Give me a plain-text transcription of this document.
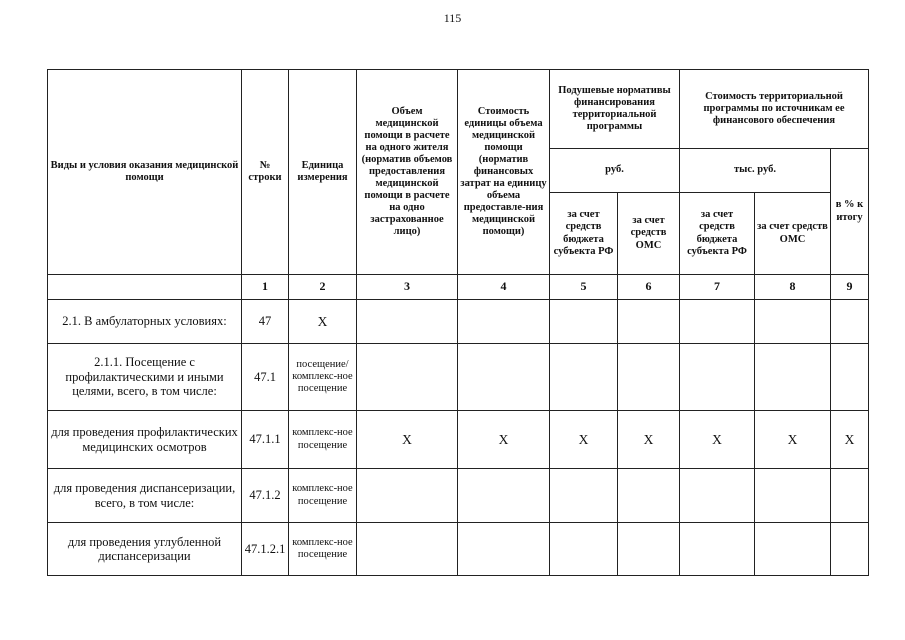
115
Виды и условия оказания медицинской помощи	№ строки	Единица измерения	Объем медицинской помощи в расчете на одного жителя (норматив объемов предоставления медицинской помощи в расчете на одно застрахованное лицо)	Стоимость единицы объема медицинской помощи (норматив финансовых затрат на единицу объема предоставле-ния медицинской помощи)	Подушевые нормативы финансирования территориальной программы		Стоимость территориальной программы по источникам ее финансового обеспечения		
					руб.		тыс. руб.		в % к итогу
					за счет средств бюджета субъекта РФ	за счет средств ОМС	за счет средств бюджета субъекта РФ	за счет средств ОМС	
	1	2	3	4	5	6	7	8	9
2.1. В амбулаторных условиях:	47	Х							
2.1.1. Посещение с профилактическими и иными целями, всего, в том числе:	47.1	посещение/ комплекс-ное посещение							
для проведения профилактических медицинских осмотров	47.1.1	комплекс-ное посещение	Х	Х	Х	Х	Х	Х	Х
для проведения диспансеризации, всего, в том числе:	47.1.2	комплекс-ное посещение							
для проведения углубленной диспансеризации	47.1.2.1	комплекс-ное посещение							
